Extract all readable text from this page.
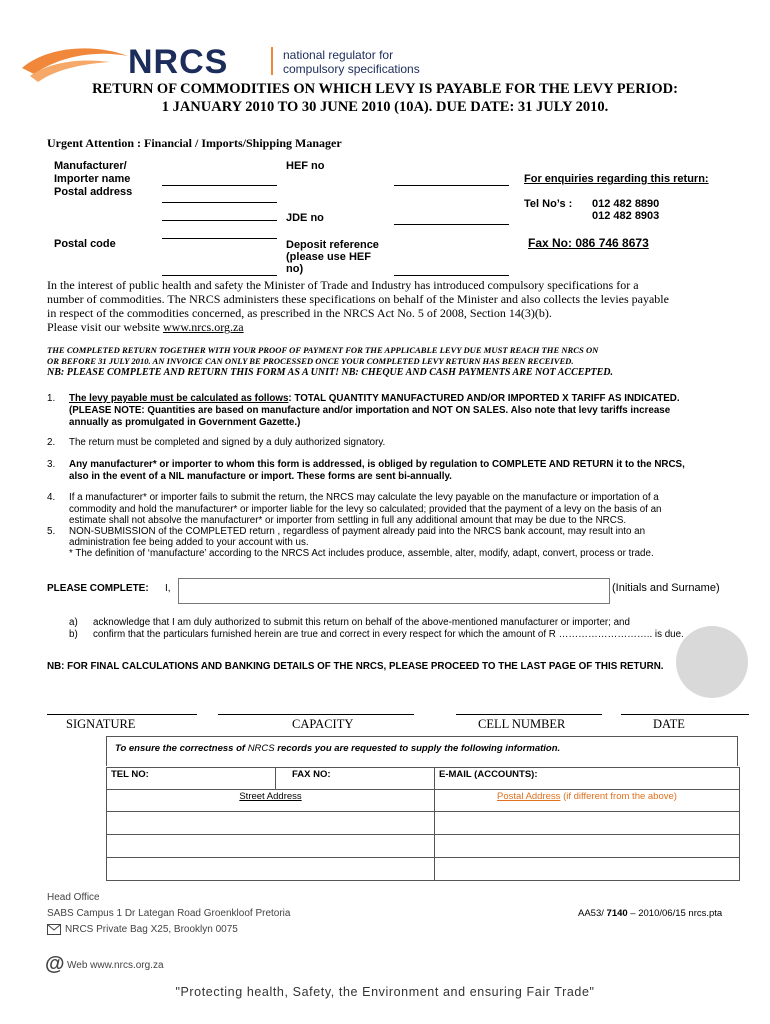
NRCS	national regulator for
compulsory specifications
RETURN OF COMMODITIES ON WHICH LEVY IS PAYABLE FOR THE LEVY PERIOD:
1 JANUARY 2010 TO 30 JUNE 2010 (10A). DUE DATE: 31 JULY 2010.
Urgent Attention : Financial / Imports/Shipping Manager
Manufacturer/
Importer name
Postal address
Postal code
HEF no
JDE no
Deposit reference
(please use HEF
no)
For enquiries regarding this return:
Tel No’s : 012 482 8890
012 482 8903
Fax No: 086 746 8673
In the interest of public health and safety the Minister of Trade and Industry has introduced compulsory specifications for a
number of commodities. The NRCS administers these specifications on behalf of the Minister and also collects the levies payable
in respect of the commodities concerned, as prescribed in the NRCS Act No. 5 of 2008, Section 14(3)(b).
Please visit our website www.nrcs.org.za
THE COMPLETED RETURN TOGETHER WITH YOUR PROOF OF PAYMENT FOR THE APPLICABLE LEVY DUE MUST REACH THE NRCS ON
OR BEFORE 31 JULY 2010. AN INVOICE CAN ONLY BE PROCESSED ONCE YOUR COMPLETED LEVY RETURN HAS BEEN RECEIVED.
NB: PLEASE COMPLETE AND RETURN THIS FORM AS A UNIT! NB: CHEQUE AND CASH PAYMENTS ARE NOT ACCEPTED.
1. The levy payable must be calculated as follows: TOTAL QUANTITY MANUFACTURED AND/OR IMPORTED X TARIFF AS INDICATED.
(PLEASE NOTE: Quantities are based on manufacture and/or importation and NOT ON SALES. Also note that levy tariffs increase
annually as promulgated in Government Gazette.)
2. The return must be completed and signed by a duly authorized signatory.
3. Any manufacturer* or importer to whom this form is addressed, is obliged by regulation to COMPLETE AND RETURN it to the NRCS,
also in the event of a NIL manufacture or import. These forms are sent bi-annually.
4. If a manufacturer* or importer fails to submit the return, the NRCS may calculate the levy payable on the manufacture or importation of a
commodity and hold the manufacturer* or importer liable for the levy so calculated; provided that the payment of a levy on the basis of an
estimate shall not absolve the manufacturer* or importer from settling in full any additional amount that may be due to the NRCS.
5. NON-SUBMISSION of the COMPLETED return , regardless of payment already paid into the NRCS bank account, may result into an
administration fee being added to your account with us.
* The definition of ‘manufacture’ according to the NRCS Act includes produce, assemble, alter, modify, adapt, convert, process or trade.
PLEASE COMPLETE: I,	(Initials and Surname)
a) acknowledge that I am duly authorized to submit this return on behalf of the above-mentioned manufacturer or importer; and
b) confirm that the particulars furnished herein are true and correct in every respect for which the amount of R ……………………….. is due.
NB: FOR FINAL CALCULATIONS AND BANKING DETAILS OF THE NRCS, PLEASE PROCEED TO THE LAST PAGE OF THIS RETURN.
SIGNATURE	CAPACITY	CELL NUMBER	DATE
To ensure the correctness of NRCS records you are requested to supply the following information.
TEL NO:	FAX NO:	E-MAIL (ACCOUNTS):
Street Address		Postal Address (if different from the above)

Head Office
SABS Campus 1 Dr Lategan Road Groenkloof Pretoria
NRCS Private Bag X25, Brooklyn 0075
@ Web www.nrcs.org.za
AA53/ 7140 – 2010/06/15 nrcs.pta
"Protecting health, Safety, the Environment and ensuring Fair Trade"
